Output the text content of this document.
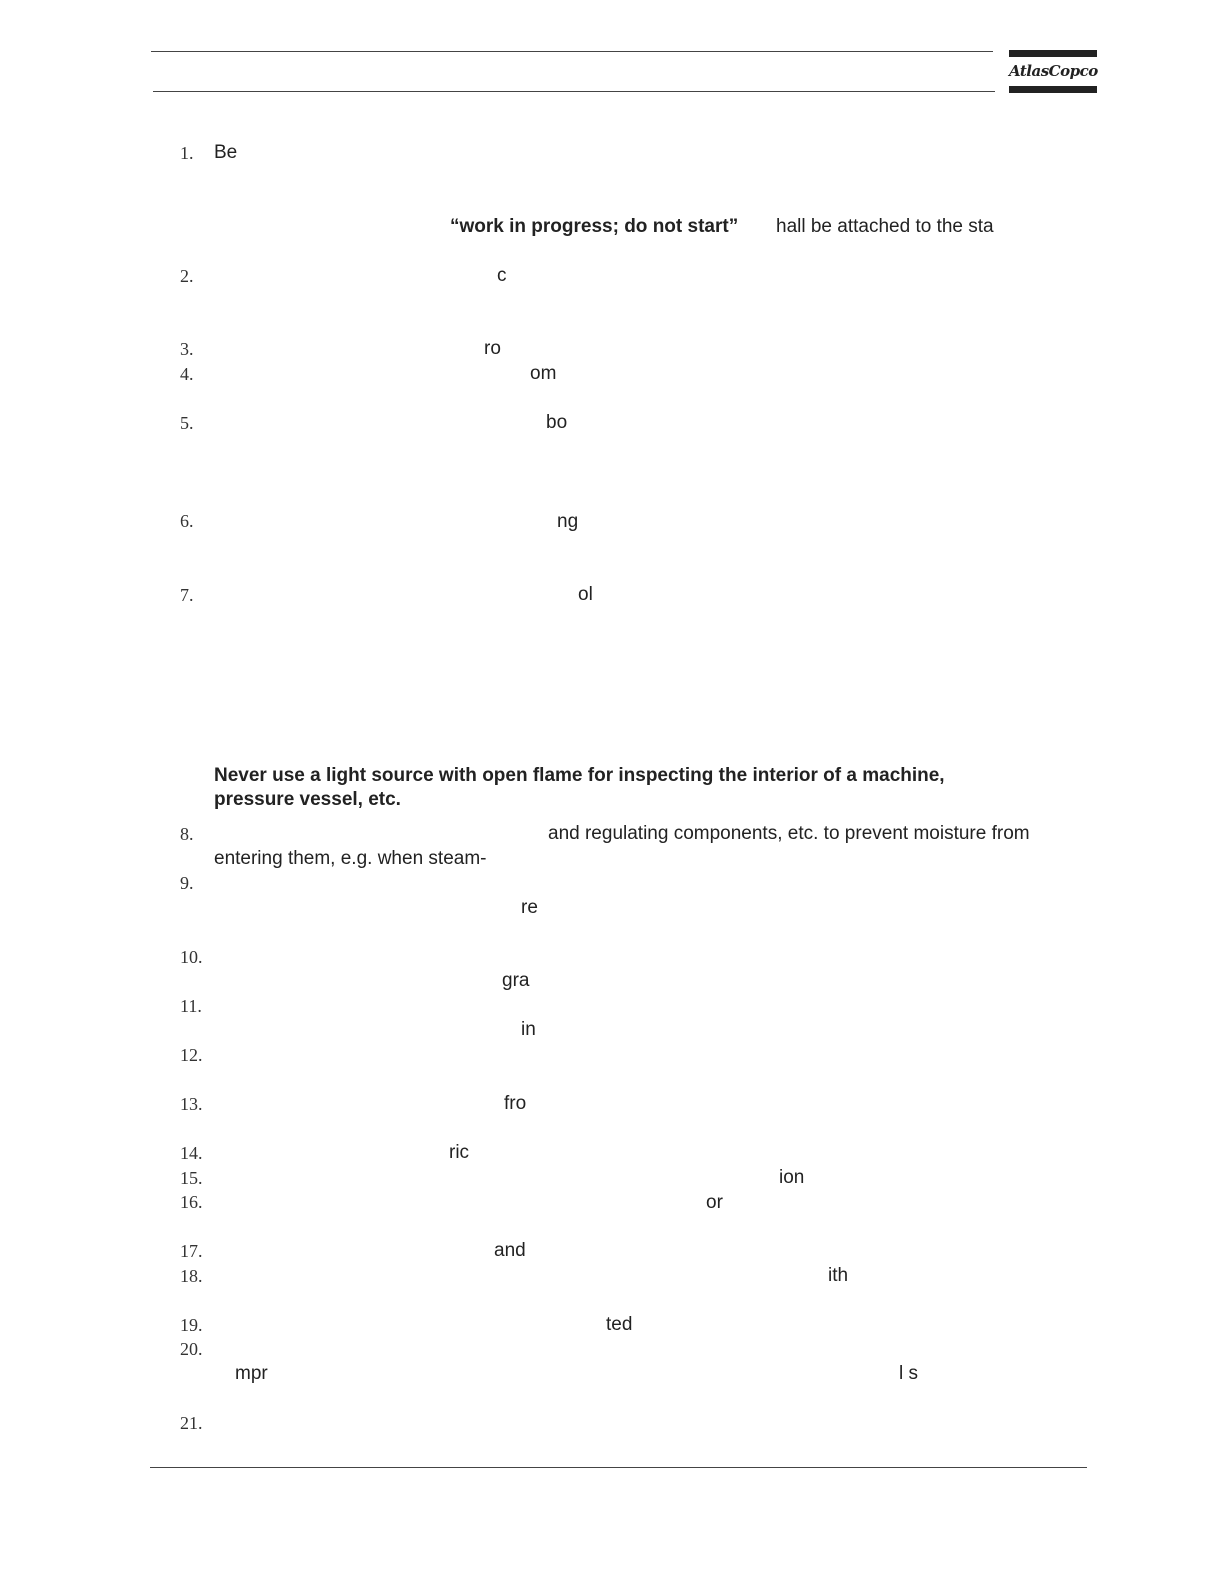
AtlasCopco
1.
2.
3.
4.
5.
6.
7.
8.
9.
10.
11.
12.
13.
14.
15.
16.
17.
18.
19.
20.
21.
Be
“work in progress; do not start” hall be attached to the sta
c
ro
om
bo
ng
ol
Never use a light source with open flame for inspecting the interior of a machine,
pressure vessel, etc.
and regulating components, etc. to prevent moisture from
entering them, e.g. when steam-
re
gra
in
fro
ric
ion
or
and
ith
ted
mpr	l s
